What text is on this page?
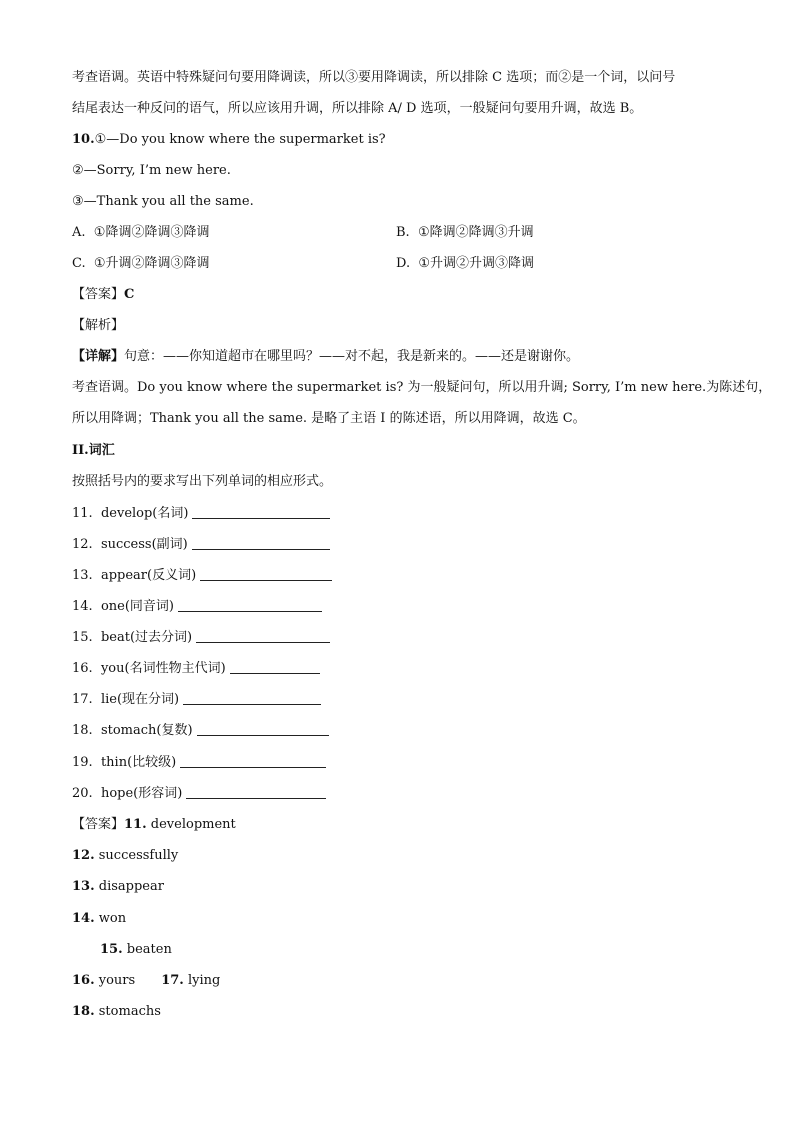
考查语调。英语中特殊疑问句要用降调读，所以③要用降调读，所以排除 C 选项；而②是一个词，以问号
结尾表达一种反问的语气，所以应该用升调，所以排除 A/ D 选项，一般疑问句要用升调，故选 B。
10.①—Do you know where the supermarket is?
②—Sorry, I’m new here.
③—Thank you all the same.
A. ①降调②降调③降调	B. ①降调②降调③升调
C. ①升调②降调③降调	D. ①升调②升调③降调
【答案】C
【解析】
【详解】句意：——你知道超市在哪里吗？——对不起，我是新来的。——还是谢谢你。
考查语调。Do you know where the supermarket is? 为一般疑问句，所以用升调; Sorry, I’m new here.为陈述句，
所以用降调；Thank you all the same. 是略了主语 I 的陈述语，所以用降调，故选 C。
II.词汇
按照括号内的要求写出下列单词的相应形式。
11. develop(名词)
12. success(副词)
13. appear(反义词)
14. one(同音词)
15. beat(过去分词)
16. you(名词性物主代词)
17. lie(现在分词)
18. stomach(复数)
19. thin(比较级)
20. hope(形容词)
【答案】11. development
12. successfully
13. disappear
14. won
15. beaten
16. yours 17. lying
18. stomachs
